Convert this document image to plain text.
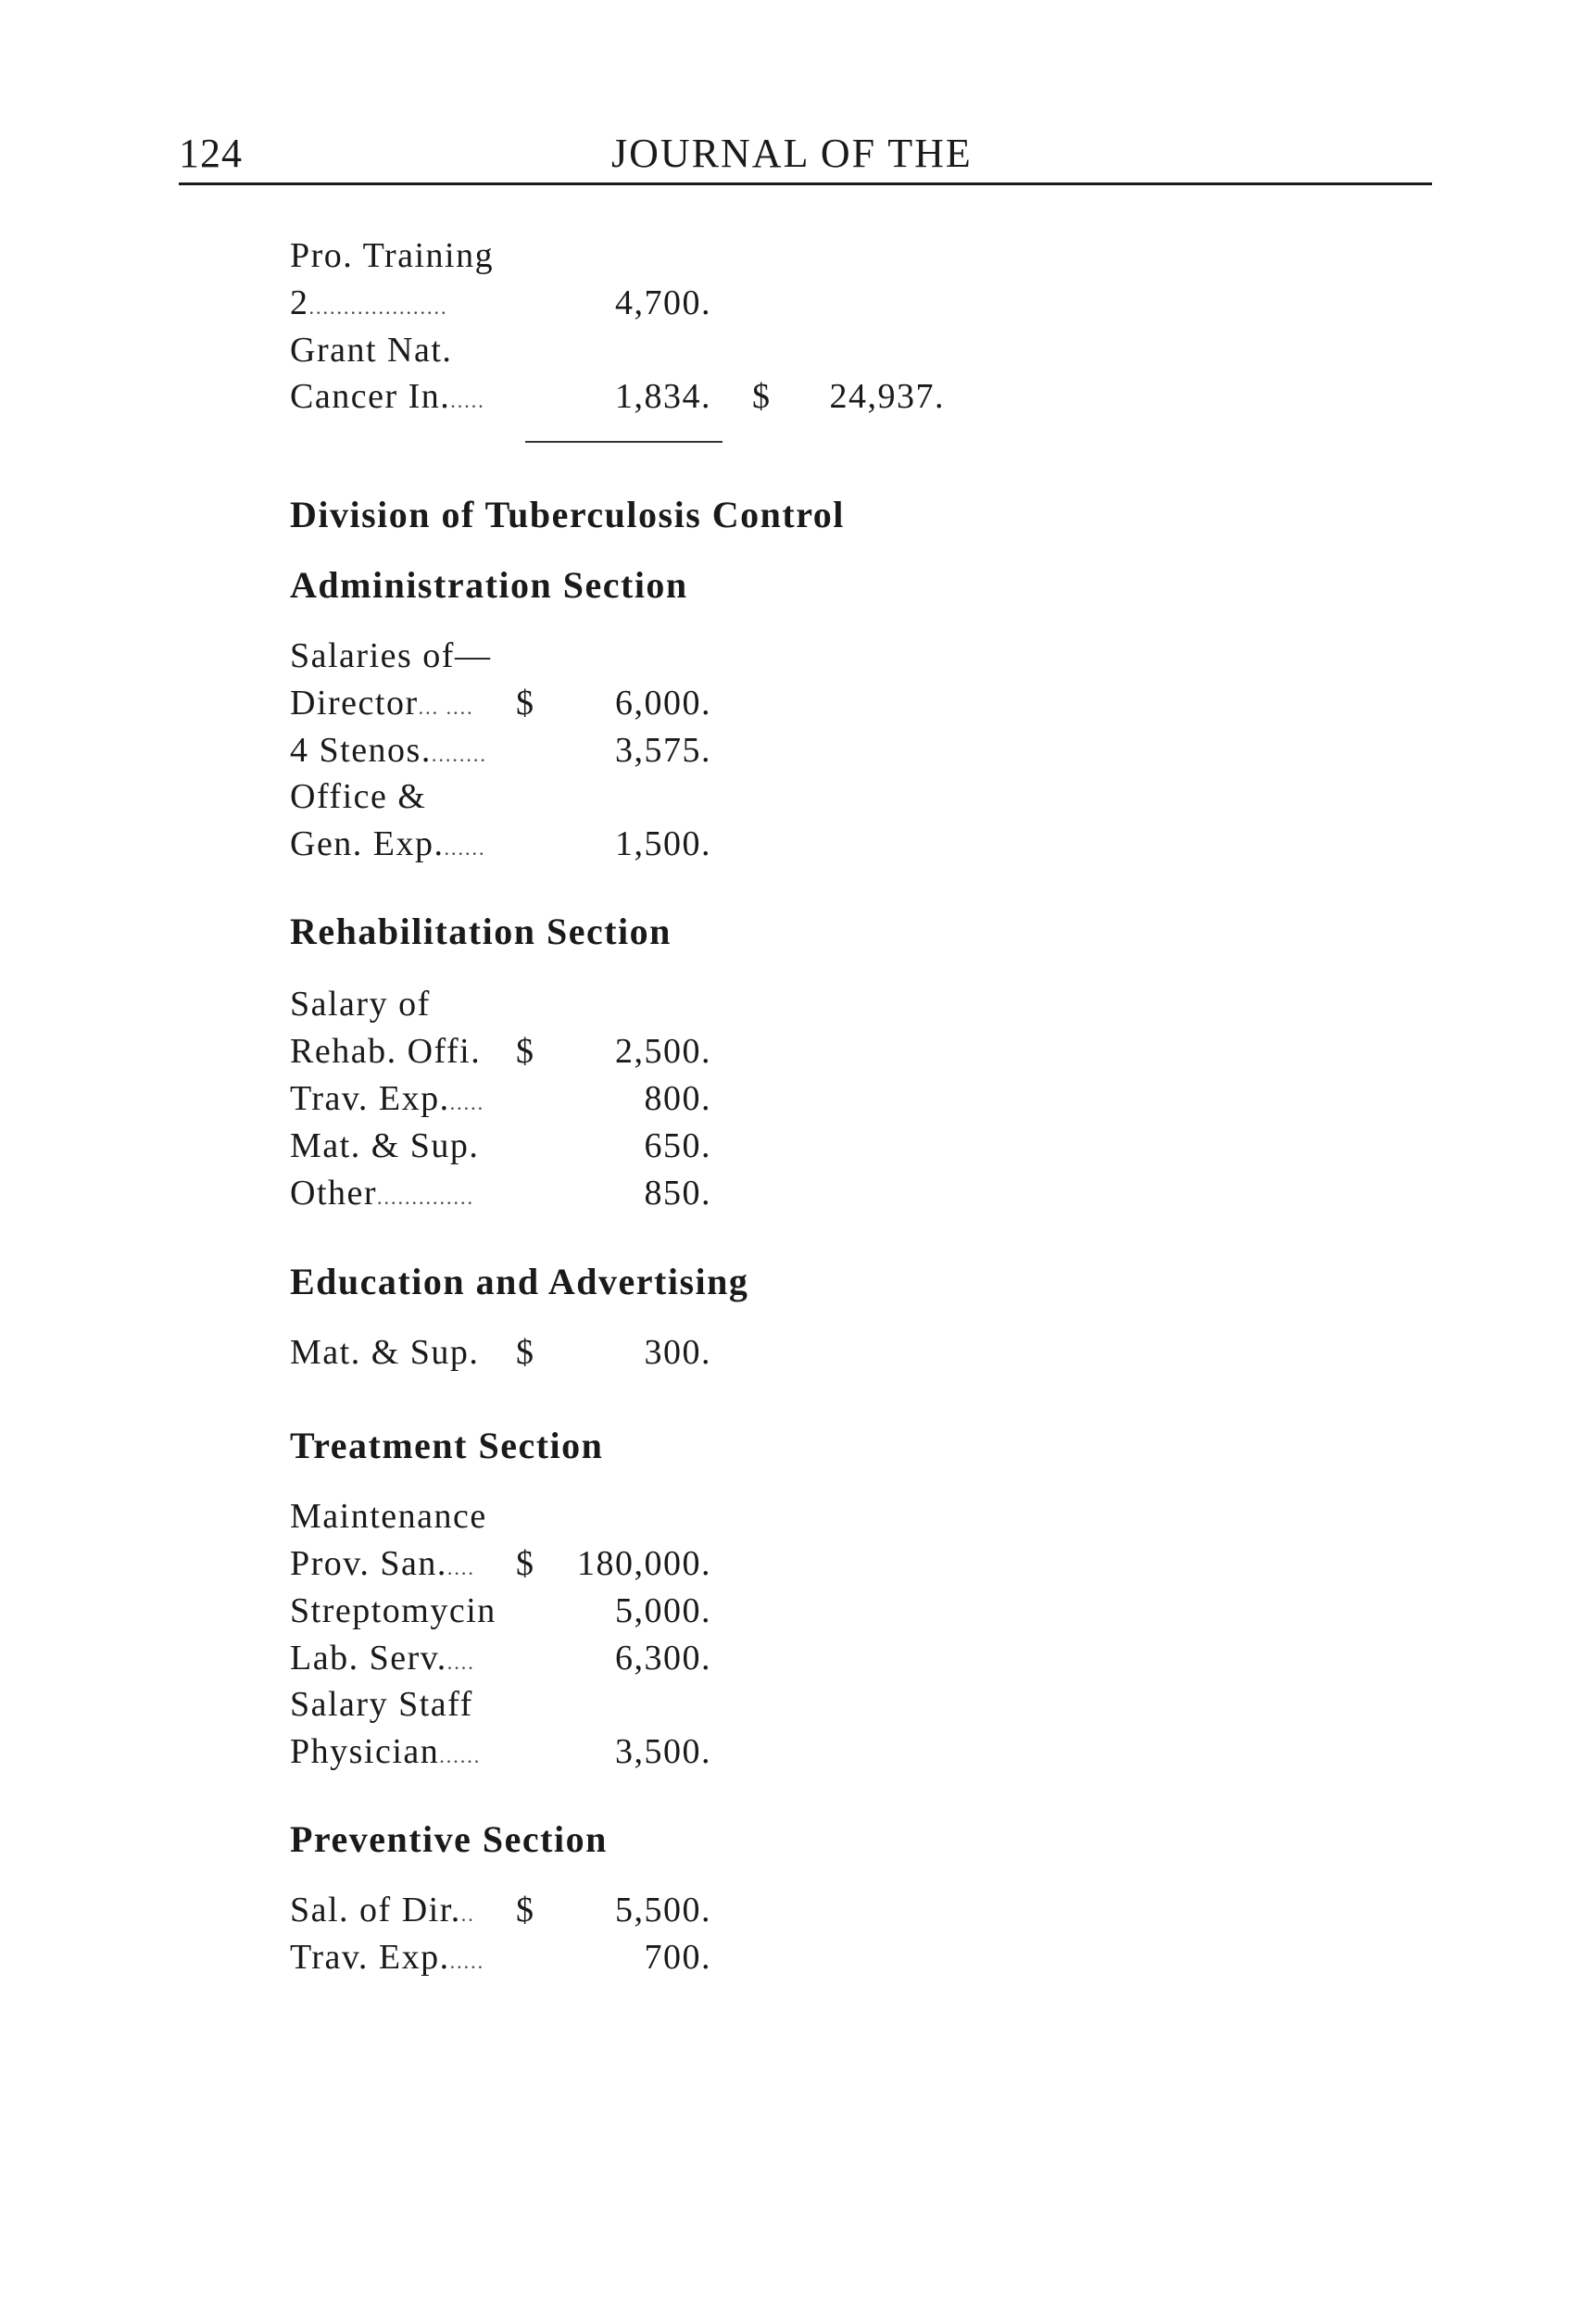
124	JOURNAL OF THE
Pro. Training
2....................	4,700.
Grant Nat.
Cancer In......	1,834. $	24,937.
Division of Tuberculosis Control
Administration Section
Salaries of—
Director... .... $	6,000.
4 Stenos.........	3,575.
Office &
Gen. Exp.......	1,500.
Rehabilitation Section
Salary of
Rehab. Offi. $	2,500.
Trav. Exp......	800.
Mat. & Sup.	650.
Other..............	850.
Education and Advertising
Mat. & Sup. $	300.
Treatment Section
Maintenance
Prov. San..... $	180,000.
Streptomycin	5,000.
Lab. Serv.....	6,300.
Salary Staff
Physician......	3,500.
Preventive Section
Sal. of Dir... $	5,500.
Trav. Exp......	700.
